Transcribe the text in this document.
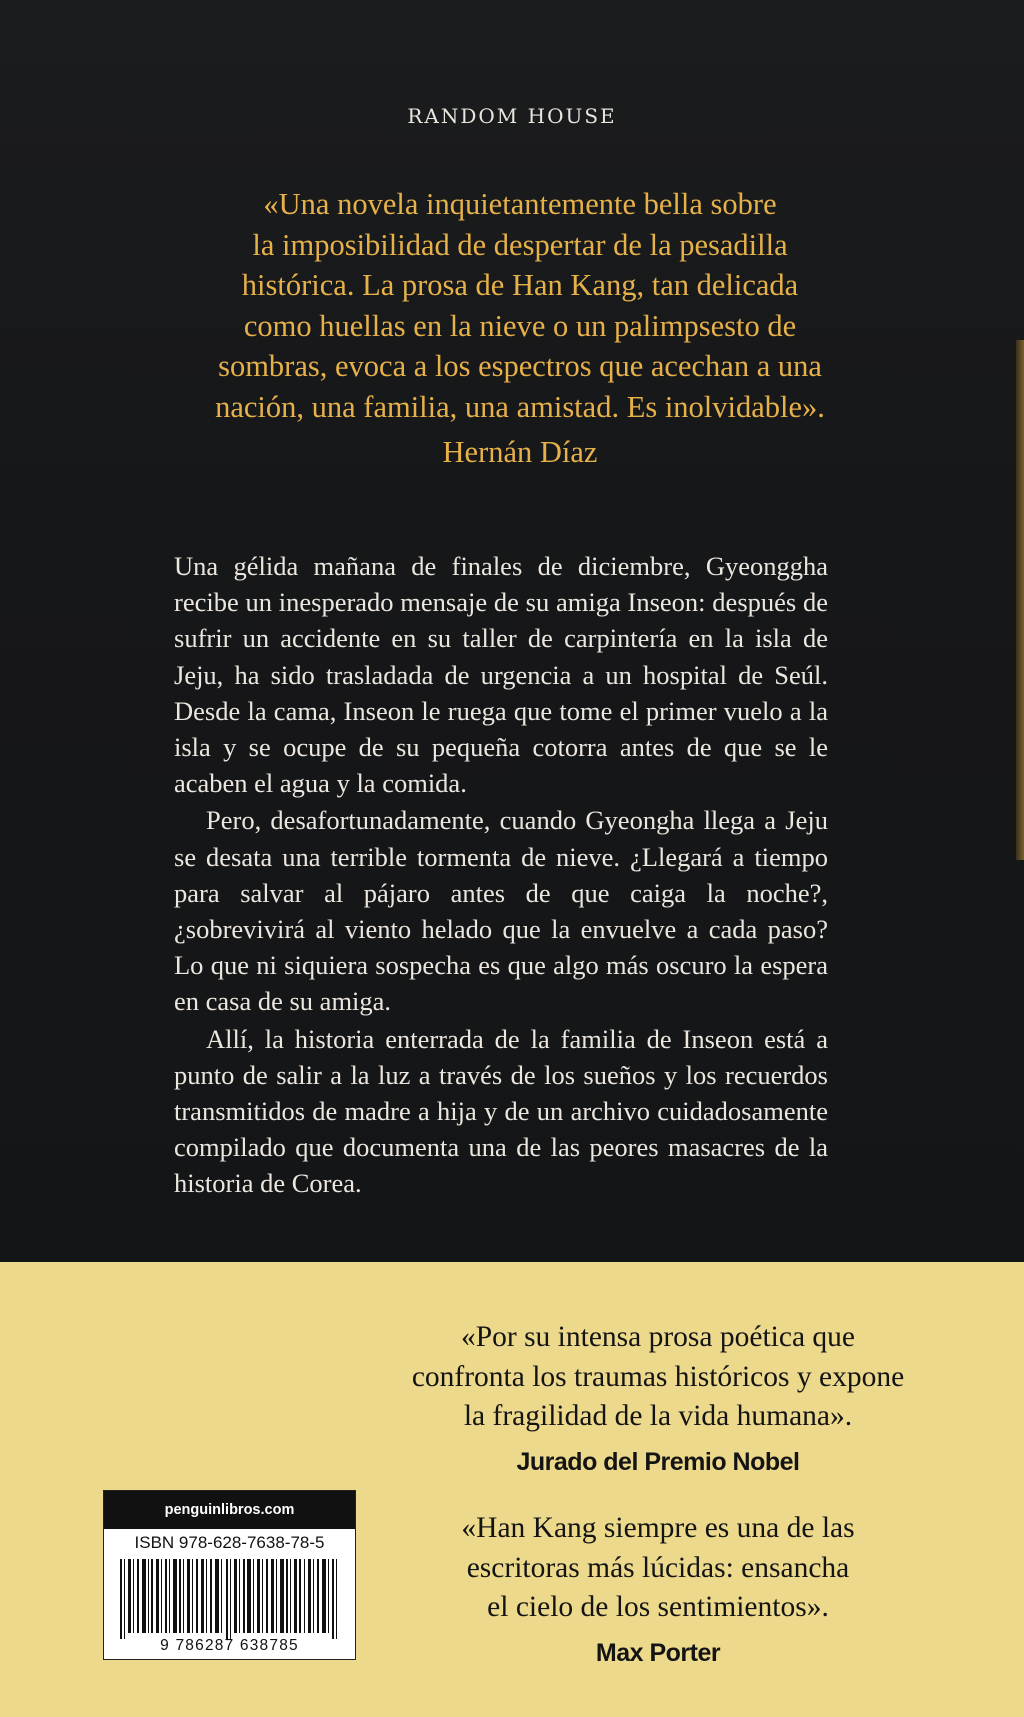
RANDOM HOUSE
«Una novela inquietantemente bella sobre
la imposibilidad de despertar de la pesadilla
histórica. La prosa de Han Kang, tan delicada
como huellas en la nieve o un palimpsesto de
sombras, evoca a los espectros que acechan a una
nación, una familia, una amistad. Es inolvidable».
Hernán Díaz

Una gélida mañana de finales de diciembre, Gyeonggha recibe un inesperado mensaje de su amiga Inseon: después de sufrir un accidente en su taller de carpintería en la isla de Jeju, ha sido trasladada de urgencia a un hospital de Seúl. Desde la cama, Inseon le ruega que tome el primer vuelo a la isla y se ocupe de su pequeña cotorra antes de que se le acaben el agua y la comida.

Pero, desafortunadamente, cuando Gyeongha llega a Jeju se desata una terrible tormenta de nieve. ¿Llegará a tiempo para salvar al pájaro antes de que caiga la noche?, ¿sobrevivirá al viento helado que la envuelve a cada paso? Lo que ni siquiera sospecha es que algo más oscuro la espera en casa de su amiga.

Allí, la historia enterrada de la familia de Inseon está a punto de salir a la luz a través de los sueños y los recuerdos transmitidos de madre a hija y de un archivo cuidadosamente compilado que documenta una de las peores masacres de la historia de Corea.

«Por su intensa prosa poética que
confronta los traumas históricos y expone
la fragilidad de la vida humana».
Jurado del Premio Nobel
«Han Kang siempre es una de las
escritoras más lúcidas: ensancha
el cielo de los sentimientos».
Max Porter
penguinlibros.com
ISBN 978-628-7638-78-5
9 786287 638785
